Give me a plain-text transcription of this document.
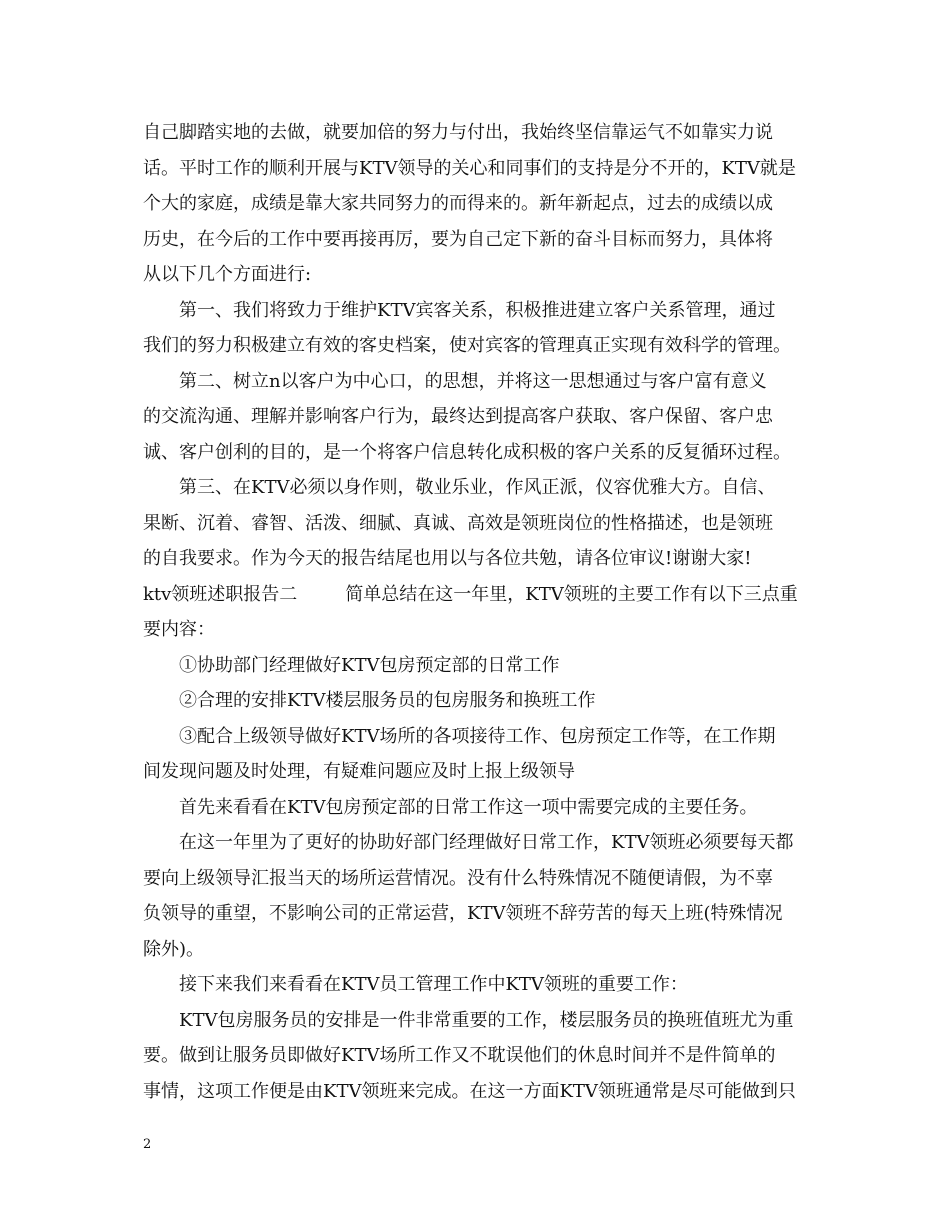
自己脚踏实地的去做，就要加倍的努力与付出，我始终坚信靠运气不如靠实力说
话。平时工作的顺利开展与KTV领导的关心和同事们的支持是分不开的，KTV就是
个大的家庭，成绩是靠大家共同努力的而得来的。新年新起点，过去的成绩以成
历史，在今后的工作中要再接再厉，要为自己定下新的奋斗目标而努力，具体将
从以下几个方面进行:
第一、我们将致力于维护KTV宾客关系，积极推进建立客户关系管理，通过
我们的努力积极建立有效的客史档案，使对宾客的管理真正实现有效科学的管理。
第二、树立n以客户为中心口，的思想，并将这一思想通过与客户富有意义
的交流沟通、理解并影响客户行为，最终达到提高客户获取、客户保留、客户忠
诚、客户创利的目的，是一个将客户信息转化成积极的客户关系的反复循环过程。
第三、在KTV必须以身作则，敬业乐业，作风正派，仪容优雅大方。自信、
果断、沉着、睿智、活泼、细腻、真诚、高效是领班岗位的性格描述，也是领班
的自我要求。作为今天的报告结尾也用以与各位共勉，请各位审议!谢谢大家!
ktv领班述职报告二	简单总结在这一年里，KTV领班的主要工作有以下三点重
要内容：
①协助部门经理做好KTV包房预定部的日常工作
②合理的安排KTV楼层服务员的包房服务和换班工作
③配合上级领导做好KTV场所的各项接待工作、包房预定工作等，在工作期
间发现问题及时处理，有疑难问题应及时上报上级领导
首先来看看在KTV包房预定部的日常工作这一项中需要完成的主要任务。
在这一年里为了更好的协助好部门经理做好日常工作，KTV领班必须要每天都
要向上级领导汇报当天的场所运营情况。没有什么特殊情况不随便请假，为不辜
负领导的重望，不影响公司的正常运营，KTV领班不辞劳苦的每天上班(特殊情况
除外)。
接下来我们来看看在KTV员工管理工作中KTV领班的重要工作：
KTV包房服务员的安排是一件非常重要的工作，楼层服务员的换班值班尤为重
要。做到让服务员即做好KTV场所工作又不耽误他们的休息时间并不是件简单的
事情，这项工作便是由KTV领班来完成。在这一方面KTV领班通常是尽可能做到只
2
